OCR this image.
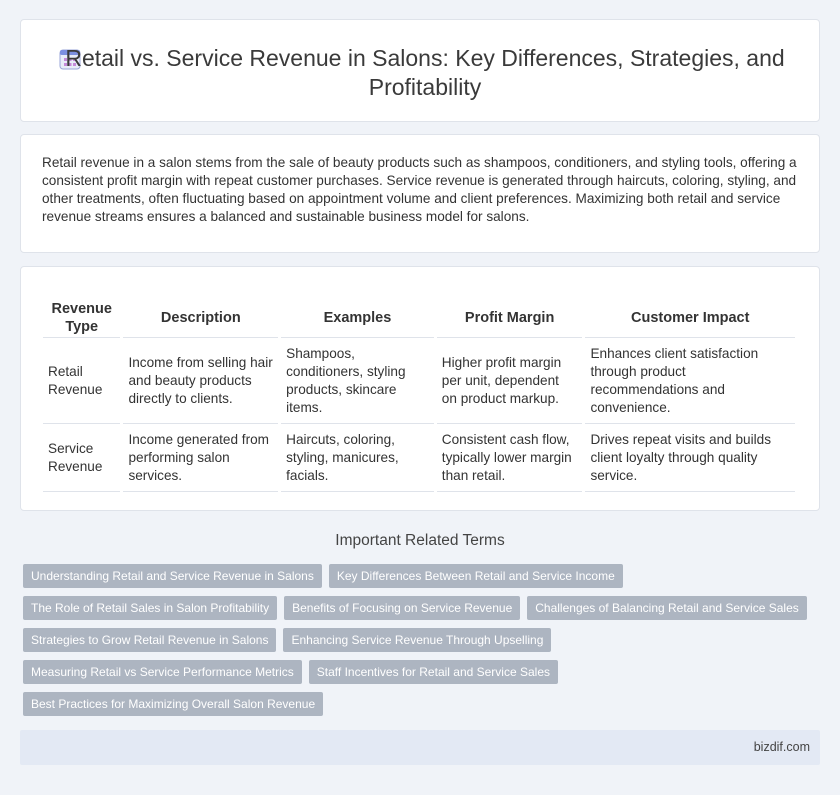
Retail vs. Service Revenue in Salons: Key Differences, Strategies, and Profitability

Retail revenue in a salon stems from the sale of beauty products such as shampoos, conditioners, and styling tools, offering a consistent profit margin with repeat customer purchases. Service revenue is generated through haircuts, coloring, styling, and other treatments, often fluctuating based on appointment volume and client preferences. Maximizing both retail and service revenue streams ensures a balanced and sustainable business model for salons.

Revenue Type	Description	Examples	Profit Margin	Customer Impact
Retail Revenue	Income from selling hair and beauty products directly to clients.	Shampoos, conditioners, styling products, skincare items.	Higher profit margin per unit, dependent on product markup.	Enhances client satisfaction through product recommendations and convenience.
Service Revenue	Income generated from performing salon services.	Haircuts, coloring, styling, manicures, facials.	Consistent cash flow, typically lower margin than retail.	Drives repeat visits and builds client loyalty through quality service.
Important Related Terms
Understanding Retail and Service Revenue in Salons	Key Differences Between Retail and Service Income
The Role of Retail Sales in Salon Profitability	Benefits of Focusing on Service Revenue	Challenges of Balancing Retail and Service Sales
Strategies to Grow Retail Revenue in Salons	Enhancing Service Revenue Through Upselling
Measuring Retail vs Service Performance Metrics	Staff Incentives for Retail and Service Sales
Best Practices for Maximizing Overall Salon Revenue
bizdif.com
